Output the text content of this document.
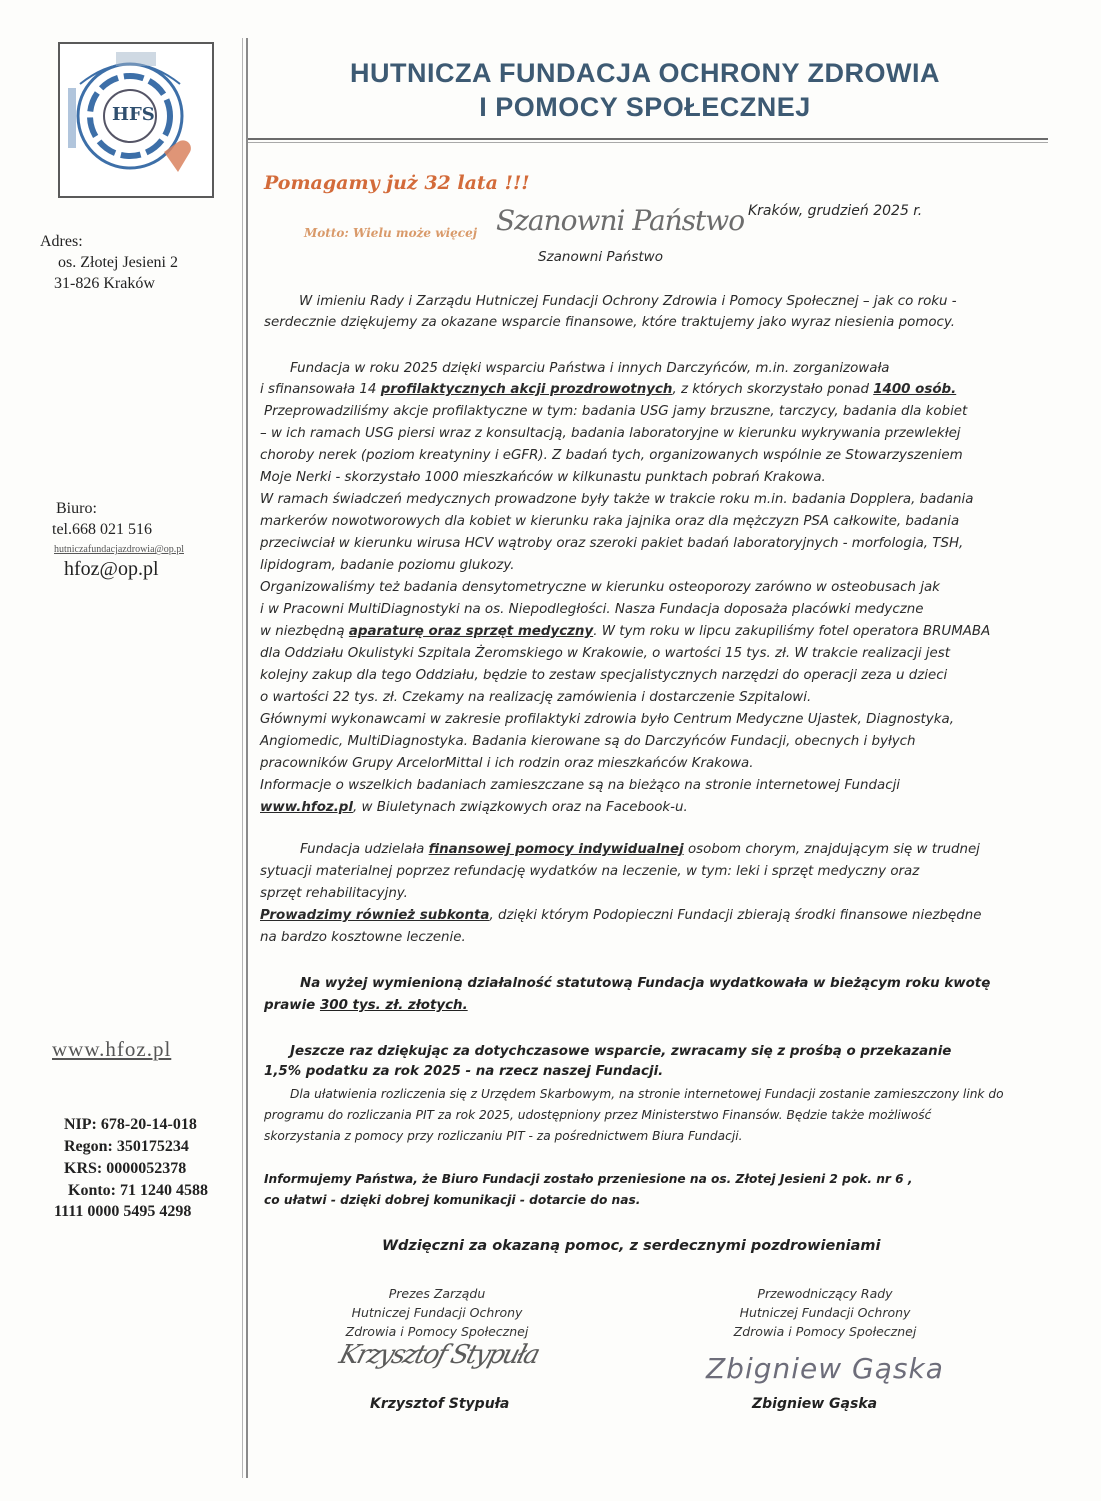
HFS
HUTNICZA FUNDACJA OCHRONY ZDROWIA
I POMOCY SPOŁECZNEJ
Adres:
os. Złotej Jesieni 2
31-826 Kraków
Biuro:
tel.668 021 516
hutniczafundacjazdrowia@op.pl
hfoz@op.pl
www.hfoz.pl
NIP: 678-20-14-018
Regon: 350175234
KRS: 0000052378
Konto: 71 1240 4588
1111 0000 5495 4298
Pomagamy już 32 lata !!!
Motto: Wielu może więcej Szanowni Państwo Kraków, grudzień 2025 r.
Szanowni Państwo
W imieniu Rady i Zarządu Hutniczej Fundacji Ochrony Zdrowia i Pomocy Społecznej – jak co roku -
serdecznie dziękujemy za okazane wsparcie finansowe, które traktujemy jako wyraz niesienia pomocy.
Fundacja w roku 2025 dzięki wsparciu Państwa i innych Darczyńców, m.in. zorganizowała
i sfinansowała 14 profilaktycznych akcji prozdrowotnych, z których skorzystało ponad 1400 osób.
Przeprowadziliśmy akcje profilaktyczne w tym: badania USG jamy brzuszne, tarczycy, badania dla kobiet
– w ich ramach USG piersi wraz z konsultacją, badania laboratoryjne w kierunku wykrywania przewlekłej
choroby nerek (poziom kreatyniny i eGFR). Z badań tych, organizowanych wspólnie ze Stowarzyszeniem
Moje Nerki - skorzystało 1000 mieszkańców w kilkunastu punktach pobrań Krakowa.
W ramach świadczeń medycznych prowadzone były także w trakcie roku m.in. badania Dopplera, badania
markerów nowotworowych dla kobiet w kierunku raka jajnika oraz dla mężczyzn PSA całkowite, badania
przeciwciał w kierunku wirusa HCV wątroby oraz szeroki pakiet badań laboratoryjnych - morfologia, TSH,
lipidogram, badanie poziomu glukozy.
Organizowaliśmy też badania densytometryczne w kierunku osteoporozy zarówno w osteobusach jak
i w Pracowni MultiDiagnostyki na os. Niepodległości. Nasza Fundacja doposaża placówki medyczne
w niezbędną aparaturę oraz sprzęt medyczny. W tym roku w lipcu zakupiliśmy fotel operatora BRUMABA
dla Oddziału Okulistyki Szpitala Żeromskiego w Krakowie, o wartości 15 tys. zł. W trakcie realizacji jest
kolejny zakup dla tego Oddziału, będzie to zestaw specjalistycznych narzędzi do operacji zeza u dzieci
o wartości 22 tys. zł. Czekamy na realizację zamówienia i dostarczenie Szpitalowi.
Głównymi wykonawcami w zakresie profilaktyki zdrowia było Centrum Medyczne Ujastek, Diagnostyka,
Angiomedic, MultiDiagnostyka. Badania kierowane są do Darczyńców Fundacji, obecnych i byłych
pracowników Grupy ArcelorMittal i ich rodzin oraz mieszkańców Krakowa.
Informacje o wszelkich badaniach zamieszczane są na bieżąco na stronie internetowej Fundacji
www.hfoz.pl, w Biuletynach związkowych oraz na Facebook-u.
Fundacja udzielała finansowej pomocy indywidualnej osobom chorym, znajdującym się w trudnej
sytuacji materialnej poprzez refundację wydatków na leczenie, w tym: leki i sprzęt medyczny oraz
sprzęt rehabilitacyjny.
Prowadzimy również subkonta, dzięki którym Podopieczni Fundacji zbierają środki finansowe niezbędne
na bardzo kosztowne leczenie.
Na wyżej wymienioną działalność statutową Fundacja wydatkowała w bieżącym roku kwotę
prawie 300 tys. zł. złotych.
Jeszcze raz dziękując za dotychczasowe wsparcie, zwracamy się z prośbą o przekazanie
1,5% podatku za rok 2025 - na rzecz naszej Fundacji.
Dla ułatwienia rozliczenia się z Urzędem Skarbowym, na stronie internetowej Fundacji zostanie zamieszczony link do
programu do rozliczania PIT za rok 2025, udostępniony przez Ministerstwo Finansów. Będzie także możliwość
skorzystania z pomocy przy rozliczaniu PIT - za pośrednictwem Biura Fundacji.
Informujemy Państwa, że Biuro Fundacji zostało przeniesione na os. Złotej Jesieni 2 pok. nr 6 ,
co ułatwi - dzięki dobrej komunikacji - dotarcie do nas.
Wdzięczni za okazaną pomoc, z serdecznymi pozdrowieniami
Prezes Zarządu
Hutniczej Fundacji Ochrony
Zdrowia i Pomocy Społecznej
Krzysztof Stypuła
Krzysztof Stypuła
Przewodniczący Rady
Hutniczej Fundacji Ochrony
Zdrowia i Pomocy Społecznej
Zbigniew Gąska
Zbigniew Gąska
